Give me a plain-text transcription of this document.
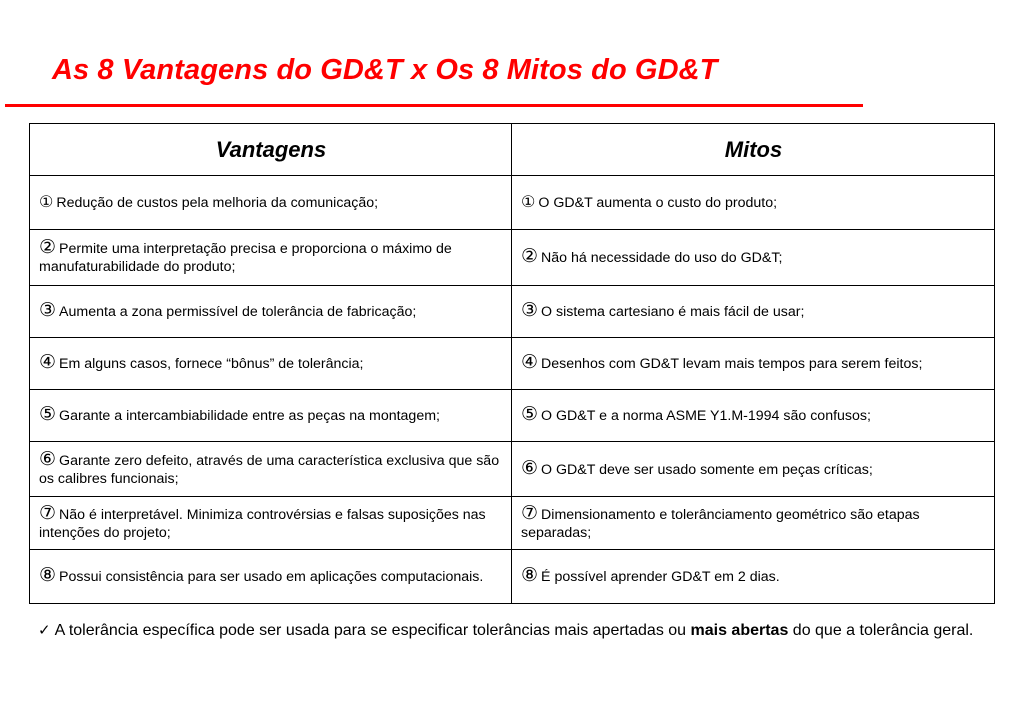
As 8 Vantagens do GD&T x Os 8 Mitos do GD&T
Vantagens	Mitos
① Redução de custos pela melhoria da comunicação;	① O GD&T aumenta o custo do produto;
② Permite uma interpretação precisa e proporciona o máximo de manufaturabilidade do produto;	② Não há necessidade do uso do GD&T;
③ Aumenta a zona permissível de tolerância de fabricação;	③ O sistema cartesiano é mais fácil de usar;
④ Em alguns casos, fornece “bônus” de tolerância;	④ Desenhos com GD&T levam mais tempos para serem feitos;
⑤ Garante a intercambiabilidade entre as peças na montagem;	⑤ O GD&T e a norma ASME Y1.M-1994 são confusos;
⑥ Garante zero defeito, através de uma característica exclusiva que são os calibres funcionais;	⑥ O GD&T deve ser usado somente em peças críticas;
⑦ Não é interpretável. Minimiza controvérsias e falsas suposições nas intenções do projeto;	⑦ Dimensionamento e tolerânciamento geométrico são etapas separadas;
⑧ Possui consistência para ser usado em aplicações computacionais.	⑧ É possível aprender GD&T em 2 dias.
✓ A tolerância específica pode ser usada para se especificar tolerâncias mais apertadas ou mais abertas do que a tolerância geral.
